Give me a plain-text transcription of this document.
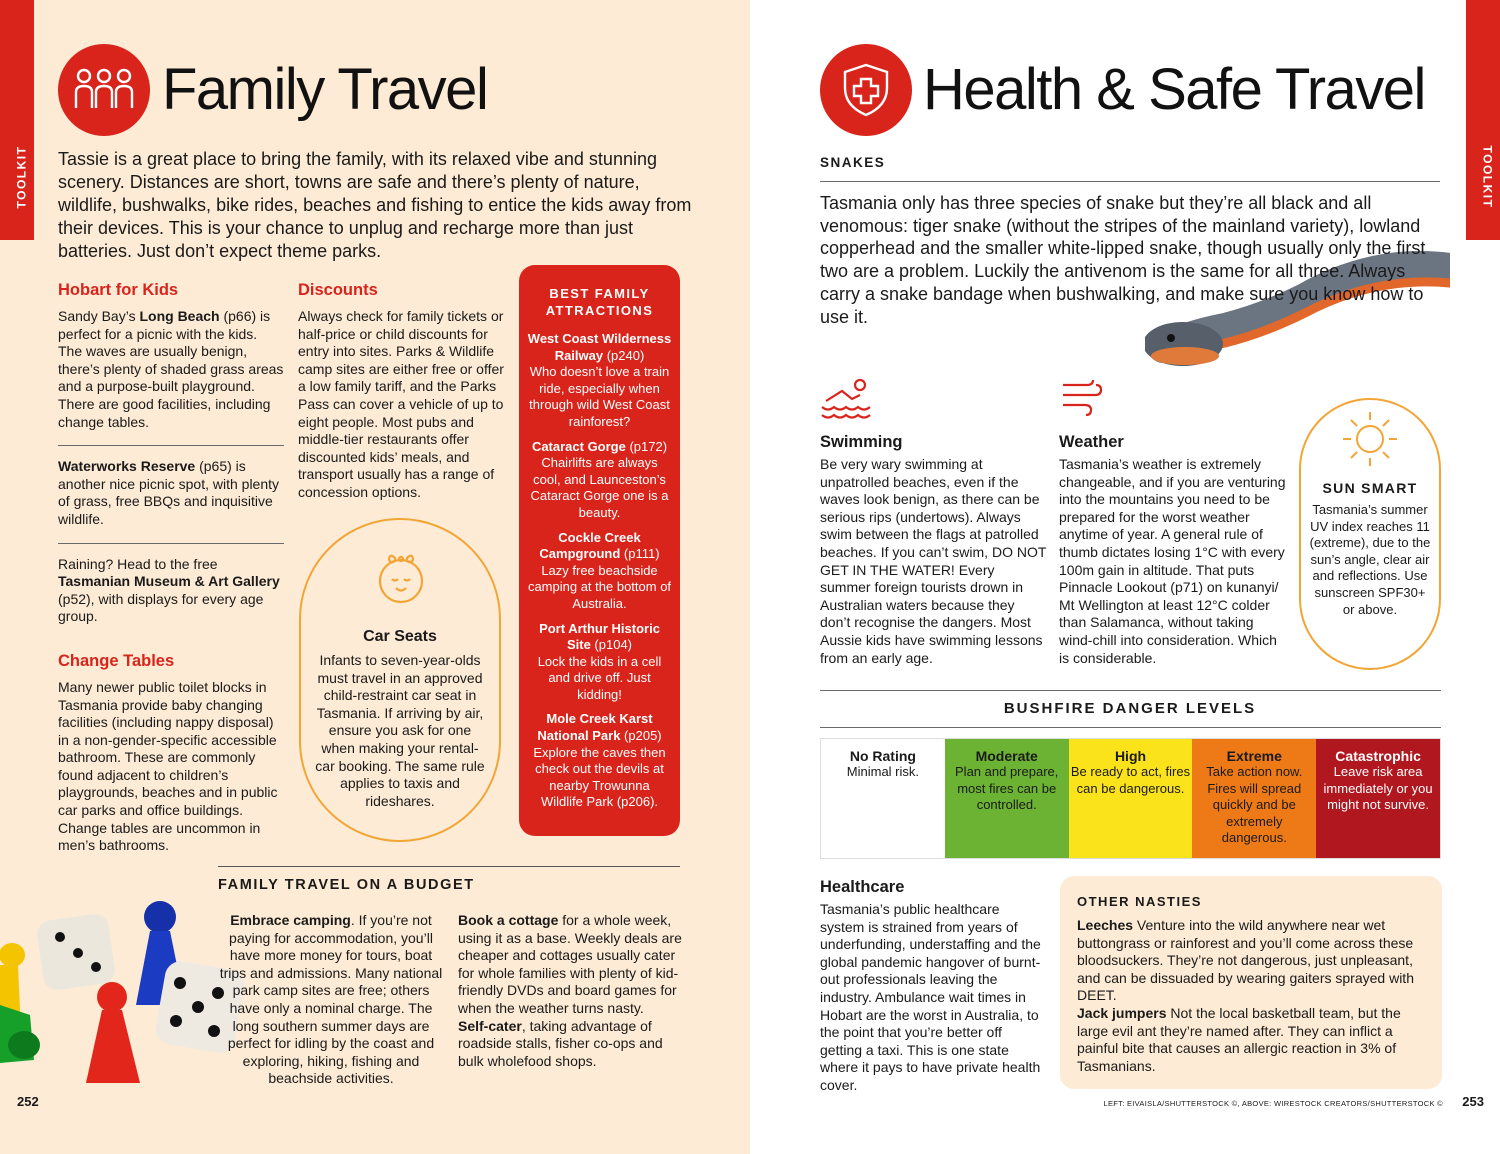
TOOLKIT
Family Travel

Tassie is a great place to bring the family, with its relaxed vibe and stunning scenery. Distances are short, towns are safe and there’s plenty of nature, wildlife, bushwalks, bike rides, beaches and fishing to entice the kids away from their devices. This is your chance to unplug and recharge more than just batteries. Just don’t expect theme parks.

Hobart for Kids

Sandy Bay’s Long Beach (p66) is perfect for a picnic with the kids. The waves are usually benign, there’s plenty of shaded grass areas and a purpose-built playground. There are good facilities, including change tables.

Waterworks Reserve (p65) is another nice picnic spot, with plenty of grass, free BBQs and inquisitive wildlife.

Raining? Head to the free Tasmanian Museum & Art Gallery (p52), with displays for every age group.

Change Tables

Many newer public toilet blocks in Tasmania provide baby changing facilities (including nappy disposal) in a non-gender-specific accessible bathroom. These are commonly found adjacent to children’s playgrounds, beaches and in public car parks and office buildings. Change tables are uncommon in men’s bathrooms.

Discounts

Always check for family tickets or half-price or child discounts for entry into sites. Parks & Wildlife camp sites are either free or offer a low family tariff, and the Parks Pass can cover a vehicle of up to eight people. Most pubs and middle-tier restaurants offer discounted kids’ meals, and transport usually has a range of concession options.

Car Seats

Infants to seven-year-olds must travel in an approved child-restraint car seat in Tasmania. If arriving by air, ensure you ask for one when making your rental-car booking. The same rule applies to taxis and rideshares.

BEST FAMILY ATTRACTIONS

West Coast Wilderness Railway (p240)
Who doesn’t love a train ride, especially when through wild West Coast rainforest?

Cataract Gorge (p172)
Chairlifts are always cool, and Launceston’s Cataract Gorge one is a beauty.

Cockle Creek Campground (p111)
Lazy free beachside camping at the bottom of Australia.

Port Arthur Historic Site (p104)
Lock the kids in a cell and drive off. Just kidding!

Mole Creek Karst National Park (p205)
Explore the caves then check out the devils at nearby Trowunna Wildlife Park (p206).

FAMILY TRAVEL ON A BUDGET

Embrace camping. If you’re not paying for accommodation, you’ll have more money for tours, boat trips and admissions. Many national park camp sites are free; others have only a nominal charge. The long southern summer days are perfect for idling by the coast and exploring, hiking, fishing and beachside activities.

Book a cottage for a whole week, using it as a base. Weekly deals are cheaper and cottages usually cater for whole families with plenty of kid-friendly DVDs and board games for when the weather turns nasty.

Self-cater, taking advantage of roadside stalls, fisher co-ops and bulk wholefood shops.

252
TOOLKIT
Health & Safe Travel
SNAKES

Tasmania only has three species of snake but they’re all black and all venomous: tiger snake (without the stripes of the mainland variety), lowland copperhead and the smaller white-lipped snake, though usually only the first two are a problem. Luckily the antivenom is the same for all three. Always carry a snake bandage when bushwalking, and make sure you know how to use it.

Swimming

Be very wary swimming at unpatrolled beaches, even if the waves look benign, as there can be serious rips (undertows). Always swim between the flags at patrolled beaches. If you can’t swim, DO NOT GET IN THE WATER! Every summer foreign tourists drown in Australian waters because they don’t recognise the dangers. Most Aussie kids have swimming lessons from an early age.

Weather

Tasmania’s weather is extremely changeable, and if you are venturing into the mountains you need to be prepared for the worst weather anytime of year. A general rule of thumb dictates losing 1°C with every 100m gain in altitude. That puts Pinnacle Lookout (p71) on kunanyi/ Mt Wellington at least 12°C colder than Salamanca, without taking wind-chill into consideration. Which is considerable.

SUN SMART

Tasmania’s summer UV index reaches 11 (extreme), due to the sun’s angle, clear air and reflections. Use sunscreen SPF30+ or above.

BUSHFIRE DANGER LEVELS
No Rating
Minimal risk.
Moderate
Plan and prepare, most fires can be controlled.
High
Be ready to act, fires can be dangerous.
Extreme
Take action now. Fires will spread quickly and be extremely dangerous.
Catastrophic
Leave risk area immediately or you might not survive.
Healthcare

Tasmania’s public healthcare system is strained from years of underfunding, understaffing and the global pandemic hangover of burnt-out professionals leaving the industry. Ambulance wait times in Hobart are the worst in Australia, to the point that you’re better off getting a taxi. This is one state where it pays to have private health cover.

OTHER NASTIES

Leeches Venture into the wild anywhere near wet buttongrass or rainforest and you’ll come across these bloodsuckers. They’re not dangerous, just unpleasant, and can be dissuaded by wearing gaiters sprayed with DEET.

Jack jumpers Not the local basketball team, but the large evil ant they’re named after. They can inflict a painful bite that causes an allergic reaction in 3% of Tasmanians.

LEFT: EIVAISLA/SHUTTERSTOCK ©, ABOVE: WIRESTOCK CREATORS/SHUTTERSTOCK © 253
